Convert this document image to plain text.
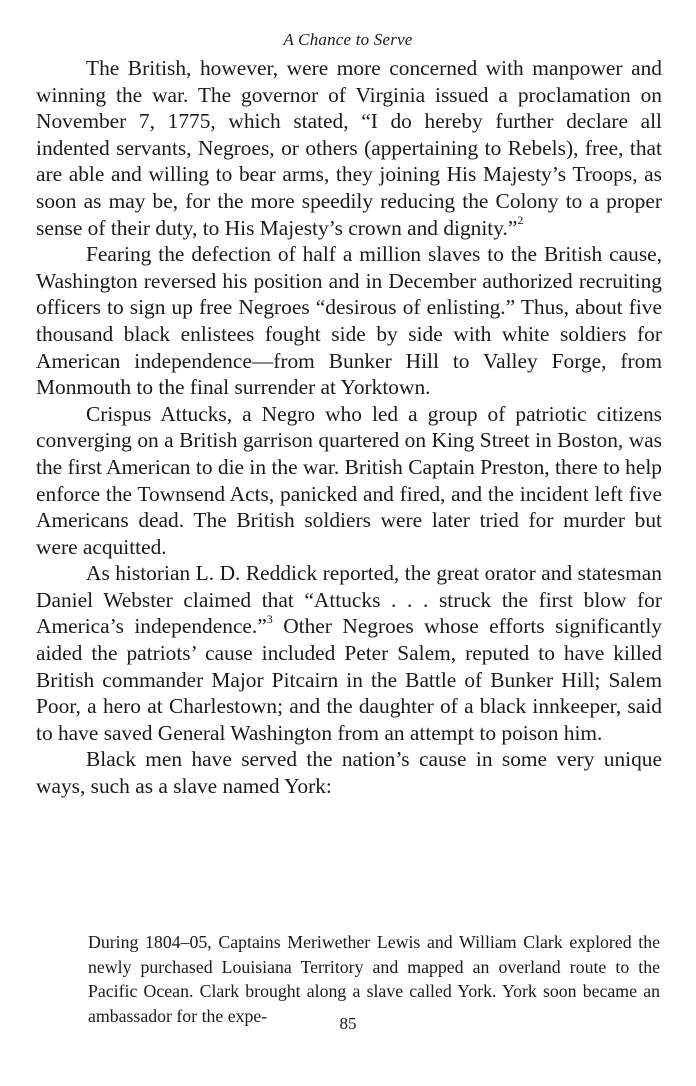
A Chance to Serve

The British, however, were more concerned with manpower and winning the war. The governor of Virginia issued a proclamation on November 7, 1775, which stated, “I do hereby further declare all indented servants, Negroes, or others (appertaining to Rebels), free, that are able and willing to bear arms, they joining His Majesty’s Troops, as soon as may be, for the more speedily reducing the Colony to a proper sense of their duty, to His Majesty’s crown and dignity.”$^2$

Fearing the defection of half a million slaves to the British cause, Washington reversed his position and in December authorized recruiting officers to sign up free Negroes “desirous of enlisting.” Thus, about five thousand black enlistees fought side by side with white soldiers for American independence—from Bunker Hill to Valley Forge, from Monmouth to the final surrender at Yorktown.

Crispus Attucks, a Negro who led a group of patriotic citizens converging on a British garrison quartered on King Street in Boston, was the first American to die in the war. British Captain Preston, there to help enforce the Townsend Acts, panicked and fired, and the incident left five Americans dead. The British soldiers were later tried for murder but were acquitted.

As historian L. D. Reddick reported, the great orator and statesman Daniel Webster claimed that “Attucks . . . struck the first blow for America’s independence.”$^3$ Other Negroes whose efforts significantly aided the patriots’ cause included Peter Salem, reputed to have killed British commander Major Pitcairn in the Battle of Bunker Hill; Salem Poor, a hero at Charlestown; and the daughter of a black innkeeper, said to have saved General Washington from an attempt to poison him.

Black men have served the nation’s cause in some very unique ways, such as a slave named York:

During 1804–05, Captains Meriwether Lewis and William Clark explored the newly purchased Louisiana Territory and mapped an overland route to the Pacific Ocean. Clark brought along a slave called York. York soon became an ambassador for the expe-	85
